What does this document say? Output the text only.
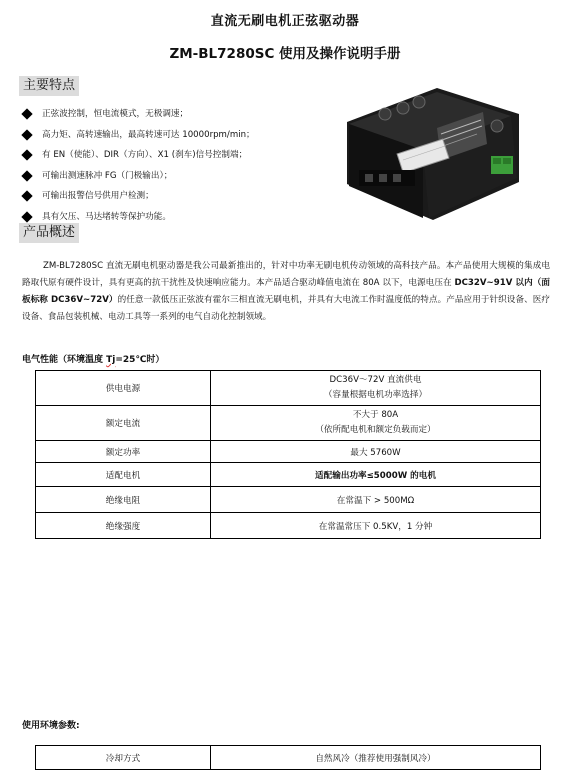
直流无刷电机正弦驱动器
ZM-BL7280SC 使用及操作说明手册
主要特点
正弦波控制，恒电流模式，无极调速；
高力矩、高转速输出，最高转速可达 10000rpm/min；
有 EN（使能）、DIR（方向）、X1 (刹车)信号控制端；
可输出测速脉冲 FG（门极输出）；
可输出报警信号供用户检测；
具有欠压、马达堵转等保护功能。
产品概述

ZM-BL7280SC 直流无刷电机驱动器是我公司最新推出的，针对中功率无刷电机传动领域的高科技产品。本产品使用大规模的集成电路取代原有硬件设计，具有更高的抗干扰性及快速响应能力。本产品适合驱动峰值电流在 80A 以下，电源电压在 DC32V~91V 以内（面板标称 DC36V~72V）的任意一款低压正弦波有霍尔三相直流无刷电机，并具有大电流工作时温度低的特点。产品应用于针织设备、医疗设备、食品包装机械、电动工具等一系列的电气自动化控制领域。

电气性能（环境温度 Tj=25℃时）
供电电源	DC36V～72V 直流供电
（容量根据电机功率选择）

额定电流	不大于 80A
（依所配电机和额定负载而定）

额定功率	最大 5760W
适配电机	适配输出功率≤5000W 的电机
绝缘电阻	在常温下 > 500MΩ
绝缘强度	在常温常压下 0.5KV，1 分钟
使用环境参数:
冷却方式	自然风冷（推荐使用强制风冷）
